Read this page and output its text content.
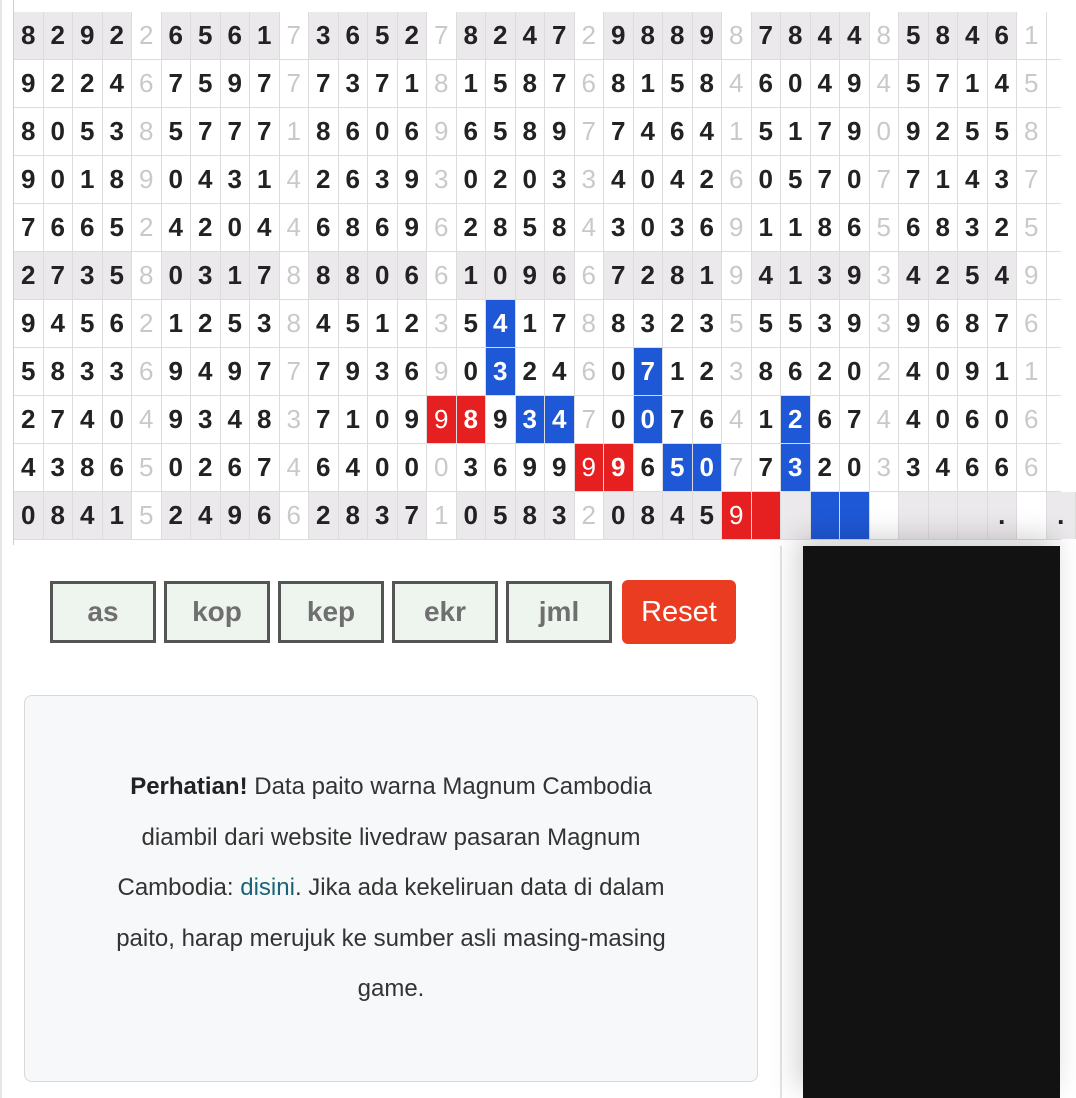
8 2 9 2 2 6 5 6 1 7 3 6 5 2 7 8 2 4 7 2 9 8 8 9 8 7 8 4 4 8 5 8 4 6 1
9 2 2 4 6 7 5 9 7 7 7 3 7 1 8 1 5 8 7 6 8 1 5 8 4 6 0 4 9 4 5 7 1 4 5
8 0 5 3 8 5 7 7 7 1 8 6 0 6 9 6 5 8 9 7 7 4 6 4 1 5 1 7 9 0 9 2 5 5 8
9 0 1 8 9 0 4 3 1 4 2 6 3 9 3 0 2 0 3 3 4 0 4 2 6 0 5 7 0 7 7 1 4 3 7
7 6 6 5 2 4 2 0 4 4 6 8 6 9 6 2 8 5 8 4 3 0 3 6 9 1 1 8 6 5 6 8 3 2 5
2 7 3 5 8 0 3 1 7 8 8 8 0 6 6 1 0 9 6 6 7 2 8 1 9 4 1 3 9 3 4 2 5 4 9
9 4 5 6 2 1 2 5 3 8 4 5 1 2 3 5 4 1 7 8 8 3 2 3 5 5 5 3 9 3 9 6 8 7 6
5 8 3 3 6 9 4 9 7 7 7 9 3 6 9 0 3 2 4 6 0 7 1 2 3 8 6 2 0 2 4 0 9 1 1
2 7 4 0 4 9 3 4 8 3 7 1 0 9 9 8 9 3 4 7 0 0 7 6 4 1 2 6 7 4 4 0 6 0 6
4 3 8 6 5 0 2 6 7 4 6 4 0 0 0 3 6 9 9 9 9 6 5 0 7 7 3 2 0 3 3 4 6 6 6
0 8 4 1 5 2 4 9 6 6 2 8 3 7 1 0 5 8 3 2 0 8 4 5 9	.	.
as	kop	kep	ekr	jml	Reset
Perhatian! Data paito warna Magnum Cambodia diambil dari website livedraw pasaran Magnum Cambodia: disini. Jika ada kekeliruan data di dalam paito, harap merujuk ke sumber asli masing-masing game.
